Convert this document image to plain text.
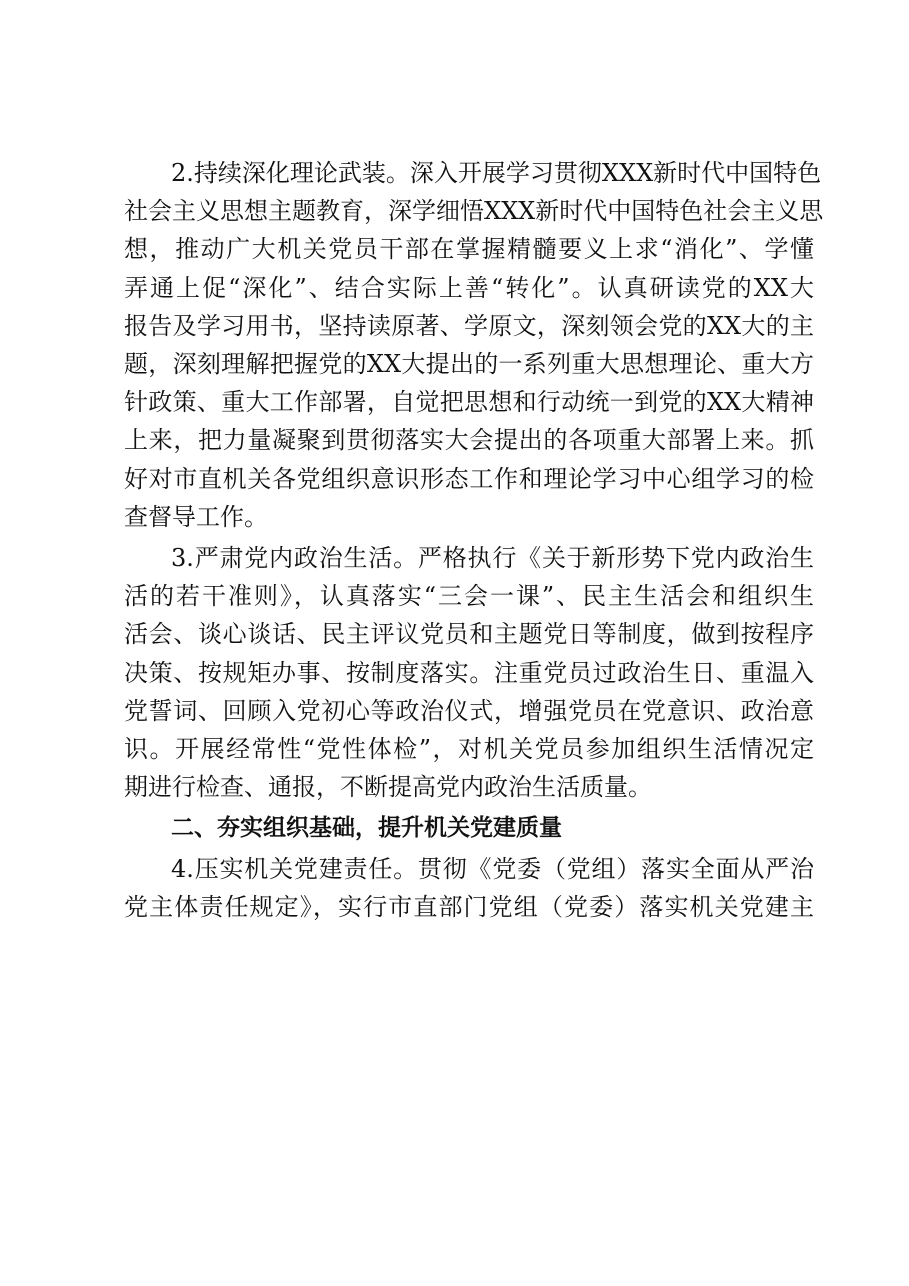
2.持续深化理论武装。深入开展学习贯彻XXX新时代中国特色
社会主义思想主题教育，深学细悟XXX新时代中国特色社会主义思
想，推动广大机关党员干部在掌握精髓要义上求“消化”、学懂
弄通上促“深化”、结合实际上善“转化”。认真研读党的XX大
报告及学习用书，坚持读原著、学原文，深刻领会党的XX大的主
题，深刻理解把握党的XX大提出的一系列重大思想理论、重大方
针政策、重大工作部署，自觉把思想和行动统一到党的XX大精神
上来，把力量凝聚到贯彻落实大会提出的各项重大部署上来。抓
好对市直机关各党组织意识形态工作和理论学习中心组学习的检
查督导工作。
3.严肃党内政治生活。严格执行《关于新形势下党内政治生
活的若干准则》，认真落实“三会一课”、民主生活会和组织生
活会、谈心谈话、民主评议党员和主题党日等制度，做到按程序
决策、按规矩办事、按制度落实。注重党员过政治生日、重温入
党誓词、回顾入党初心等政治仪式，增强党员在党意识、政治意
识。开展经常性“党性体检”，对机关党员参加组织生活情况定
期进行检查、通报，不断提高党内政治生活质量。
二、夯实组织基础，提升机关党建质量
4.压实机关党建责任。贯彻《党委（党组）落实全面从严治
党主体责任规定》，实行市直部门党组（党委）落实机关党建主
